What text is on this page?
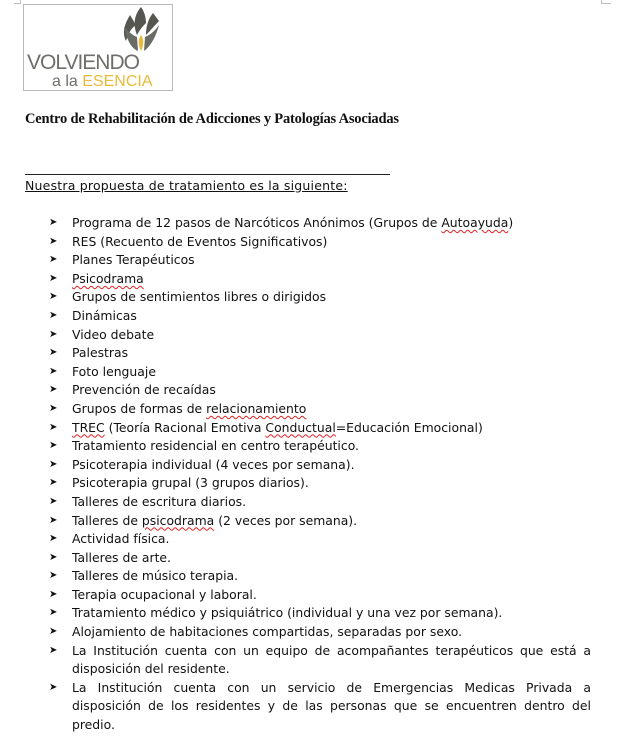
VOLVIENDO
a la ESENCIA
Centro de Rehabilitación de Adicciones y Patologías Asociadas
Nuestra propuesta de tratamiento es la siguiente:
➤ Programa de 12 pasos de Narcóticos Anónimos (Grupos de Autoayuda)
➤ RES (Recuento de Eventos Significativos)
➤ Planes Terapéuticos
➤ Psicodrama
➤ Grupos de sentimientos libres o dirigidos
➤ Dinámicas
➤ Video debate
➤ Palestras
➤ Foto lenguaje
➤ Prevención de recaídas
➤ Grupos de formas de relacionamiento
➤ TREC (Teoría Racional Emotiva Conductual=Educación Emocional)
➤ Tratamiento residencial en centro terapéutico.
➤ Psicoterapia individual (4 veces por semana).
➤ Psicoterapia grupal (3 grupos diarios).
➤ Talleres de escritura diarios.
➤ Talleres de psicodrama (2 veces por semana).
➤ Actividad física.
➤ Talleres de arte.
➤ Talleres de músico terapia.
➤ Terapia ocupacional y laboral.
➤ Tratamiento médico y psiquiátrico (individual y una vez por semana).
➤ Alojamiento de habitaciones compartidas, separadas por sexo.
➤ La Institución cuenta con un equipo de acompañantes terapéuticos que está a disposición del residente.
➤ La Institución cuenta con un servicio de Emergencias Medicas Privada a disposición de los residentes y de las personas que se encuentren dentro del predio.
